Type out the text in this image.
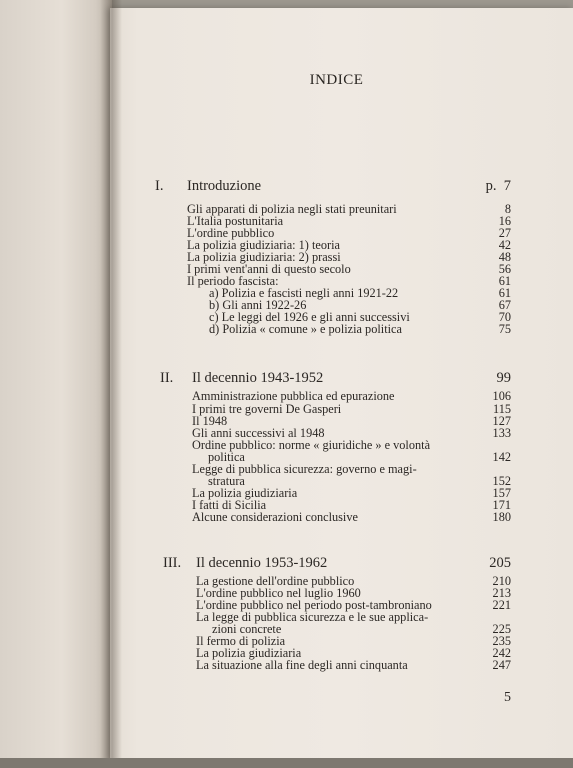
INDICE
I. Introduzione	p.  7
Gli apparati di polizia negli stati preunitari	8
L'Italia postunitaria	16
L'ordine pubblico	27
La polizia giudiziaria: 1) teoria	42
La polizia giudiziaria: 2) prassi	48
I primi vent'anni di questo secolo	56
Il periodo fascista:	61
a) Polizia e fascisti negli anni 1921-22	61
b) Gli anni 1922-26	67
c) Le leggi del 1926 e gli anni successivi	70
d) Polizia « comune » e polizia politica	75
II. Il decennio 1943-1952	99
Amministrazione pubblica ed epurazione	106
I primi tre governi De Gasperi	115
Il 1948	127
Gli anni successivi al 1948	133
Ordine pubblico: norme « giuridiche » e volontà
politica	142
Legge di pubblica sicurezza: governo e magi-
stratura	152
La polizia giudiziaria	157
I fatti di Sicilia	171
Alcune considerazioni conclusive	180
III. Il decennio 1953-1962	205
La gestione dell'ordine pubblico	210
L'ordine pubblico nel luglio 1960	213
L'ordine pubblico nel periodo post-tambroniano	221
La legge di pubblica sicurezza e le sue applica-
zioni concrete	225
Il fermo di polizia	235
La polizia giudiziaria	242
La situazione alla fine degli anni cinquanta	247
5
